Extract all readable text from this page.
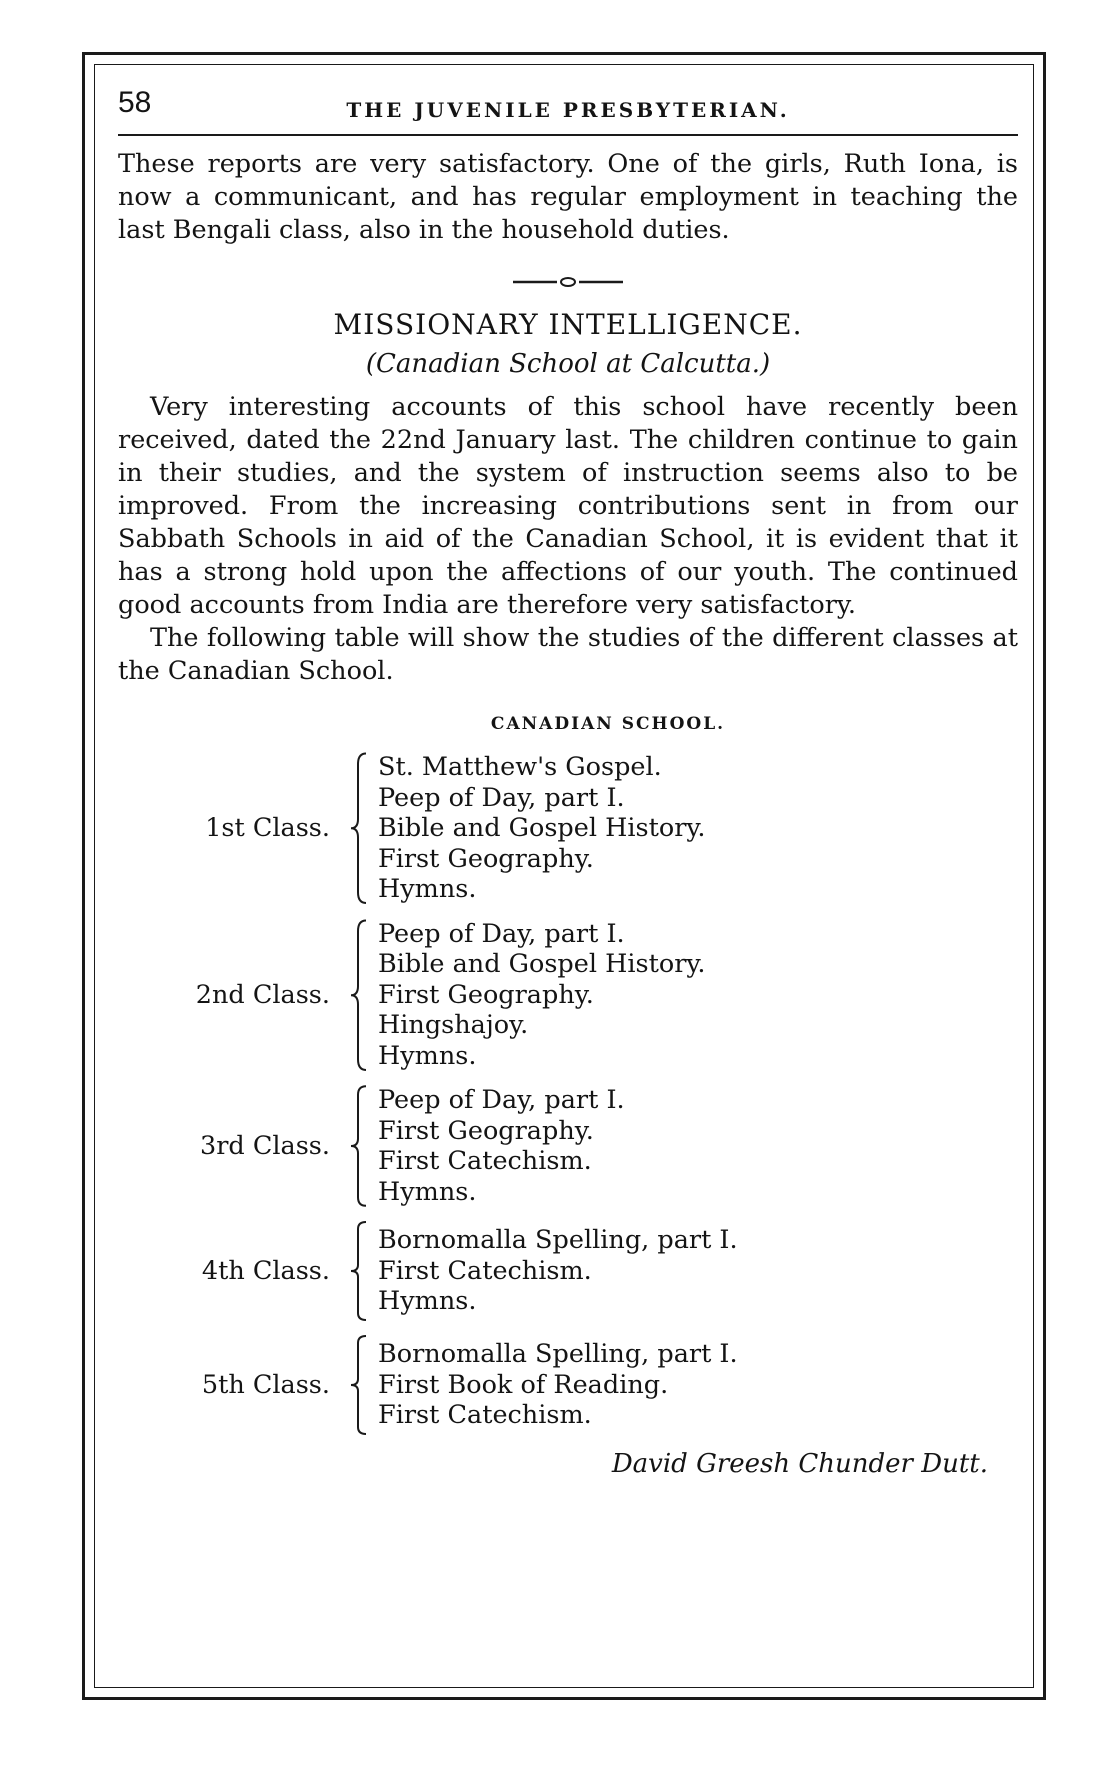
58	THE JUVENILE PRESBYTERIAN.

These reports are very satisfactory. One of the girls, Ruth Iona, is now a communicant, and has regular employment in teaching the last Bengali class, also in the household duties.

MISSIONARY INTELLIGENCE.
(Canadian School at Calcutta.)

Very interesting accounts of this school have recently been received, dated the 22nd January last. The children continue to gain in their studies, and the system of instruction seems also to be improved. From the increasing contributions sent in from our Sabbath Schools in aid of the Canadian School, it is evident that it has a strong hold upon the affections of our youth. The continued good accounts from India are therefore very satisfactory.

The following table will show the studies of the different classes at the Canadian School.

CANADIAN SCHOOL.
1st Class.
St. Matthew's Gospel.
Peep of Day, part I.
Bible and Gospel History.
First Geography.
Hymns.
2nd Class.
Peep of Day, part I.
Bible and Gospel History.
First Geography.
Hingshajoy.
Hymns.
3rd Class.
Peep of Day, part I.
First Geography.
First Catechism.
Hymns.
4th Class.
Bornomalla Spelling, part I.
First Catechism.
Hymns.
5th Class.
Bornomalla Spelling, part I.
First Book of Reading.
First Catechism.
David Greesh Chunder Dutt.
